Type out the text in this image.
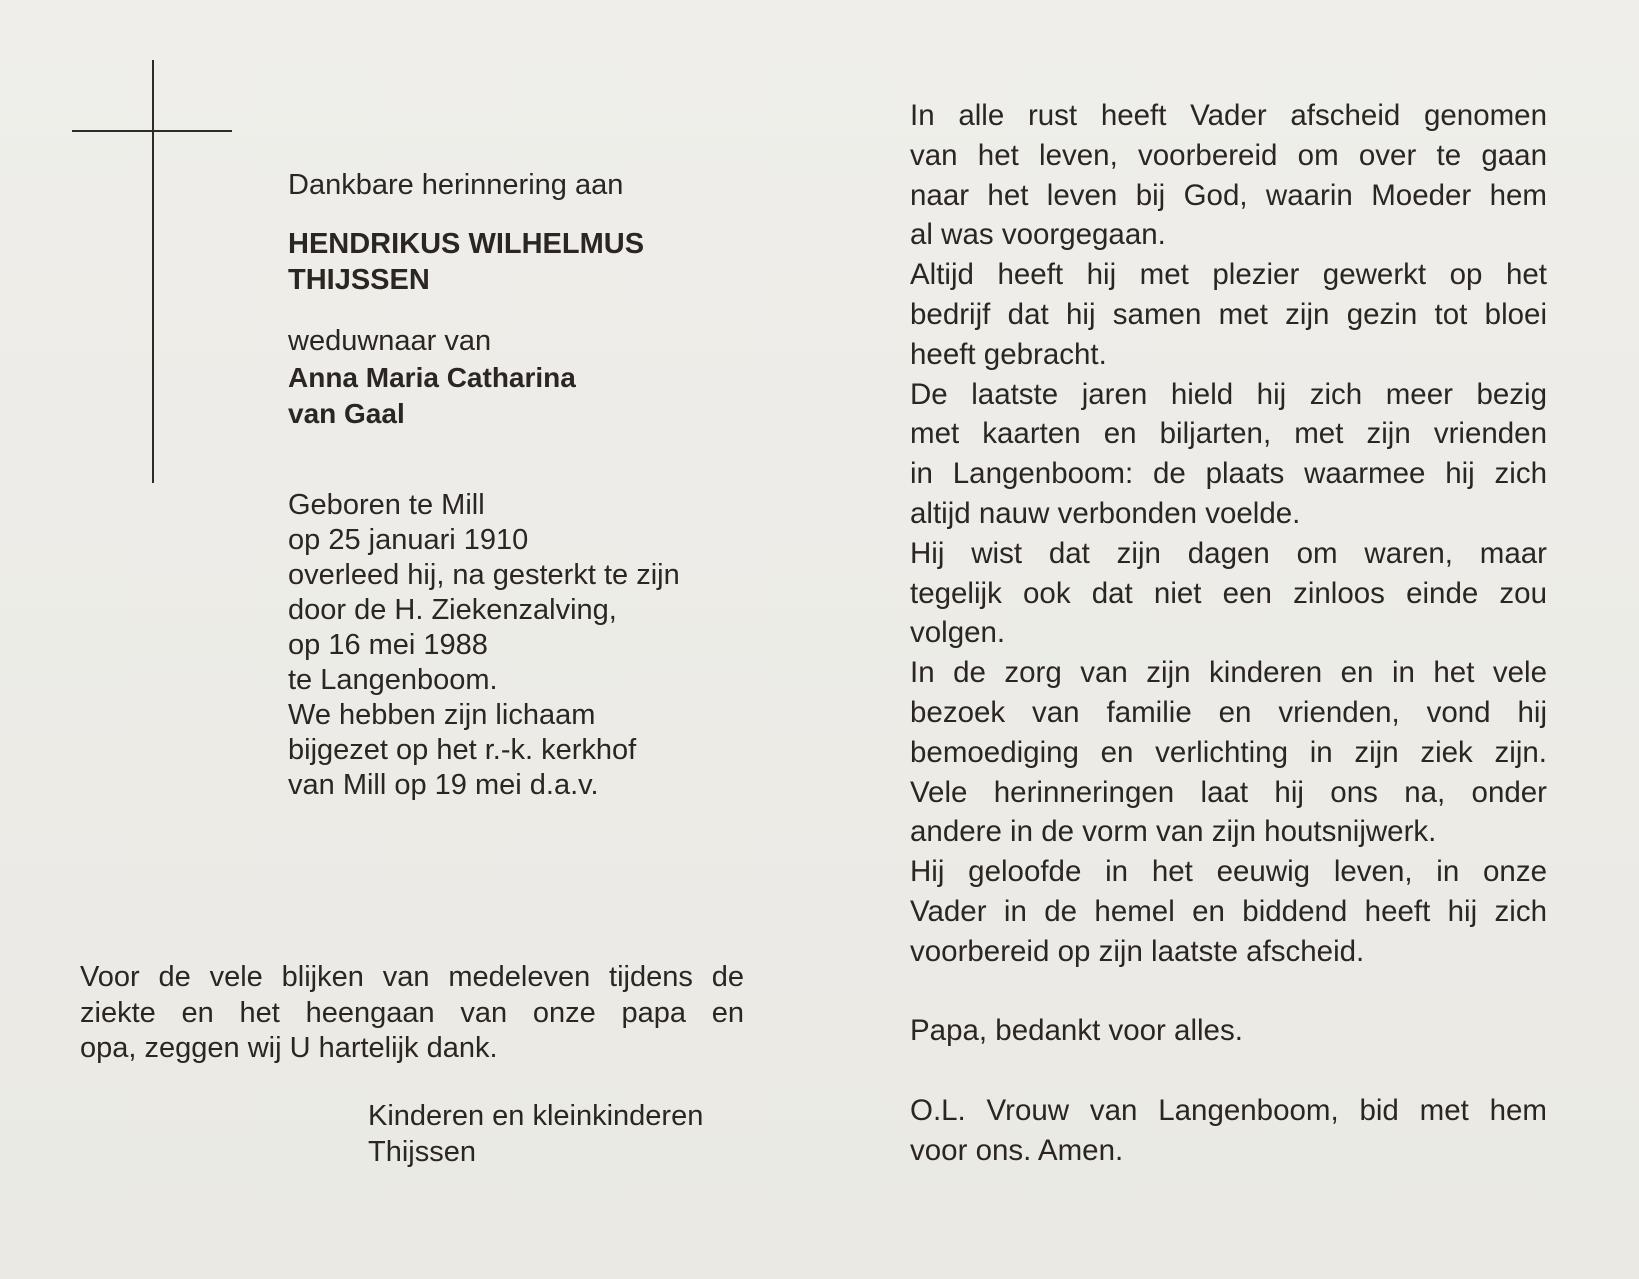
Dankbare herinnering aan

HENDRIKUS WILHELMUS

THIJSSEN

weduwnaar van

Anna Maria Catharina

van Gaal

Geboren te Mill

op 25 januari 1910

overleed hij, na gesterkt te zijn

door de H. Ziekenzalving,

op 16 mei 1988

te Langenboom.

We hebben zijn lichaam

bijgezet op het r.-k. kerkhof

van Mill op 19 mei d.a.v.

Voor de vele blijken van medeleven tijdens de

ziekte en het heengaan van onze papa en

opa, zeggen wij U hartelijk dank.

Kinderen en kleinkinderen

Thijssen

In alle rust heeft Vader afscheid genomen

van het leven, voorbereid om over te gaan

naar het leven bij God, waarin Moeder hem

al was voorgegaan.

Altijd heeft hij met plezier gewerkt op het

bedrijf dat hij samen met zijn gezin tot bloei

heeft gebracht.

De laatste jaren hield hij zich meer bezig

met kaarten en biljarten, met zijn vrienden

in Langenboom: de plaats waarmee hij zich

altijd nauw verbonden voelde.

Hij wist dat zijn dagen om waren, maar

tegelijk ook dat niet een zinloos einde zou

volgen.

In de zorg van zijn kinderen en in het vele

bezoek van familie en vrienden, vond hij

bemoediging en verlichting in zijn ziek zijn.

Vele herinneringen laat hij ons na, onder

andere in de vorm van zijn houtsnijwerk.

Hij geloofde in het eeuwig leven, in onze

Vader in de hemel en biddend heeft hij zich

voorbereid op zijn laatste afscheid.

Papa, bedankt voor alles.

O.L. Vrouw van Langenboom, bid met hem

voor ons. Amen.
